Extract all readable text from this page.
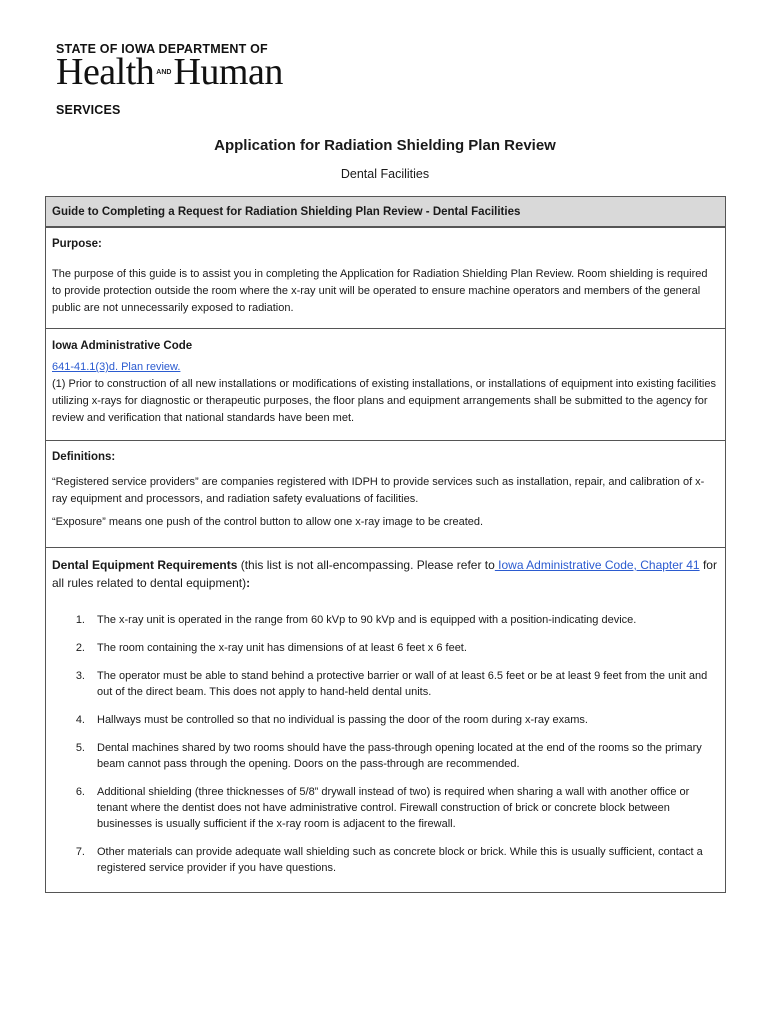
STATE OF IOWA DEPARTMENT OF
Health AND Human
SERVICES
Application for Radiation Shielding Plan Review
Dental Facilities
Guide to Completing a Request for Radiation Shielding Plan Review - Dental Facilities
Purpose:

The purpose of this guide is to assist you in completing the Application for Radiation Shielding Plan Review. Room shielding is required to provide protection outside the room where the x-ray unit will be operated to ensure machine operators and members of the general public are not unnecessarily exposed to radiation.

Iowa Administrative Code

641-41.1(3)d. Plan review.

(1) Prior to construction of all new installations or modifications of existing installations, or installations of equipment into existing facilities utilizing x-rays for diagnostic or therapeutic purposes, the floor plans and equipment arrangements shall be submitted to the agency for review and verification that national standards have been met.

Definitions:

“Registered service providers” are companies registered with IDPH to provide services such as installation, repair, and calibration of x-ray equipment and processors, and radiation safety evaluations of facilities.

“Exposure” means one push of the control button to allow one x-ray image to be created.

Dental Equipment Requirements (this list is not all-encompassing. Please refer to Iowa Administrative Code, Chapter 41 for all rules related to dental equipment):
1.	The x-ray unit is operated in the range from 60 kVp to 90 kVp and is equipped with a position-indicating device.
2.	The room containing the x-ray unit has dimensions of at least 6 feet x 6 feet.
3.	The operator must be able to stand behind a protective barrier or wall of at least 6.5 feet or be at least 9 feet from the unit and out of the direct beam. This does not apply to hand-held dental units.
4.	Hallways must be controlled so that no individual is passing the door of the room during x-ray exams.
5.	Dental machines shared by two rooms should have the pass-through opening located at the end of the rooms so the primary beam cannot pass through the opening. Doors on the pass-through are recommended.
6.	Additional shielding (three thicknesses of 5/8” drywall instead of two) is required when sharing a wall with another office or tenant where the dentist does not have administrative control. Firewall construction of brick or concrete block between businesses is usually sufficient if the x-ray room is adjacent to the firewall.
7.	Other materials can provide adequate wall shielding such as concrete block or brick. While this is usually sufficient, contact a registered service provider if you have questions.
